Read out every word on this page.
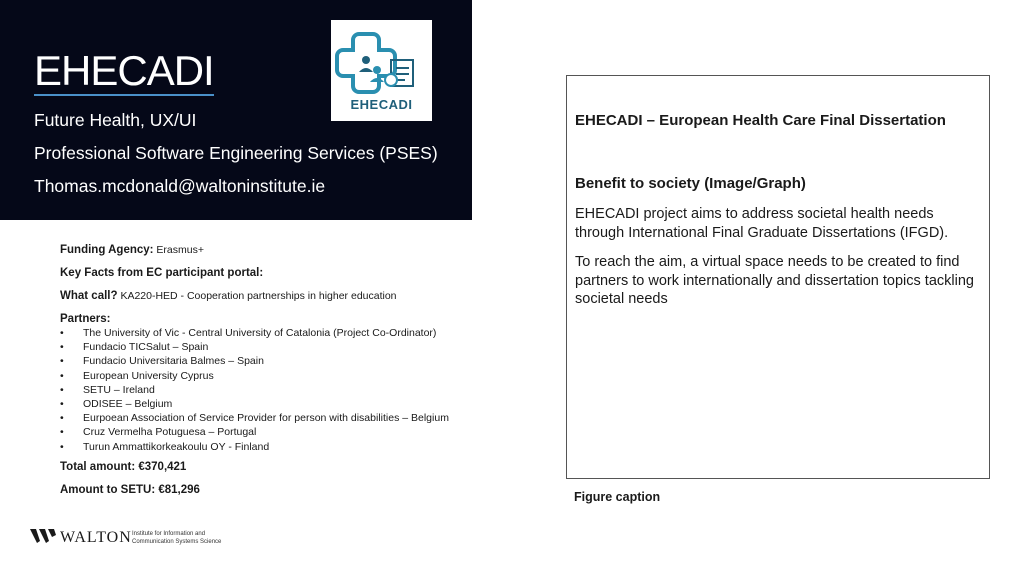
EHECADI
Future Health, UX/UI
Professional Software Engineering Services (PSES)
Thomas.mcdonald@waltoninstitute.ie
EHECADI
Funding Agency: Erasmus+
Key Facts from EC participant portal:
What call? KA220-HED - Cooperation partnerships in higher education
Partners:
• The University of Vic - Central University of Catalonia (Project Co-Ordinator)
• Fundacio TICSalut – Spain
• Fundacio Universitaria Balmes – Spain
• European University Cyprus
• SETU – Ireland
• ODISEE – Belgium
• Eurpoean Association of Service Provider for person with disabilities – Belgium
• Cruz Vermelha Potuguesa – Portugal
• Turun Ammattikorkeakoulu OY - Finland
Total amount: €370,421
Amount to SETU: €81,296
EHECADI – European Health Care Final Dissertation
Benefit to society (Image/Graph)
EHECADI project aims to address societal health needs through International Final Graduate Dissertations (IFGD).
To reach the aim, a virtual space needs to be created to find partners to work internationally and dissertation topics tackling societal needs
Figure caption
WALTON Institute for Information and
Communication Systems Science
